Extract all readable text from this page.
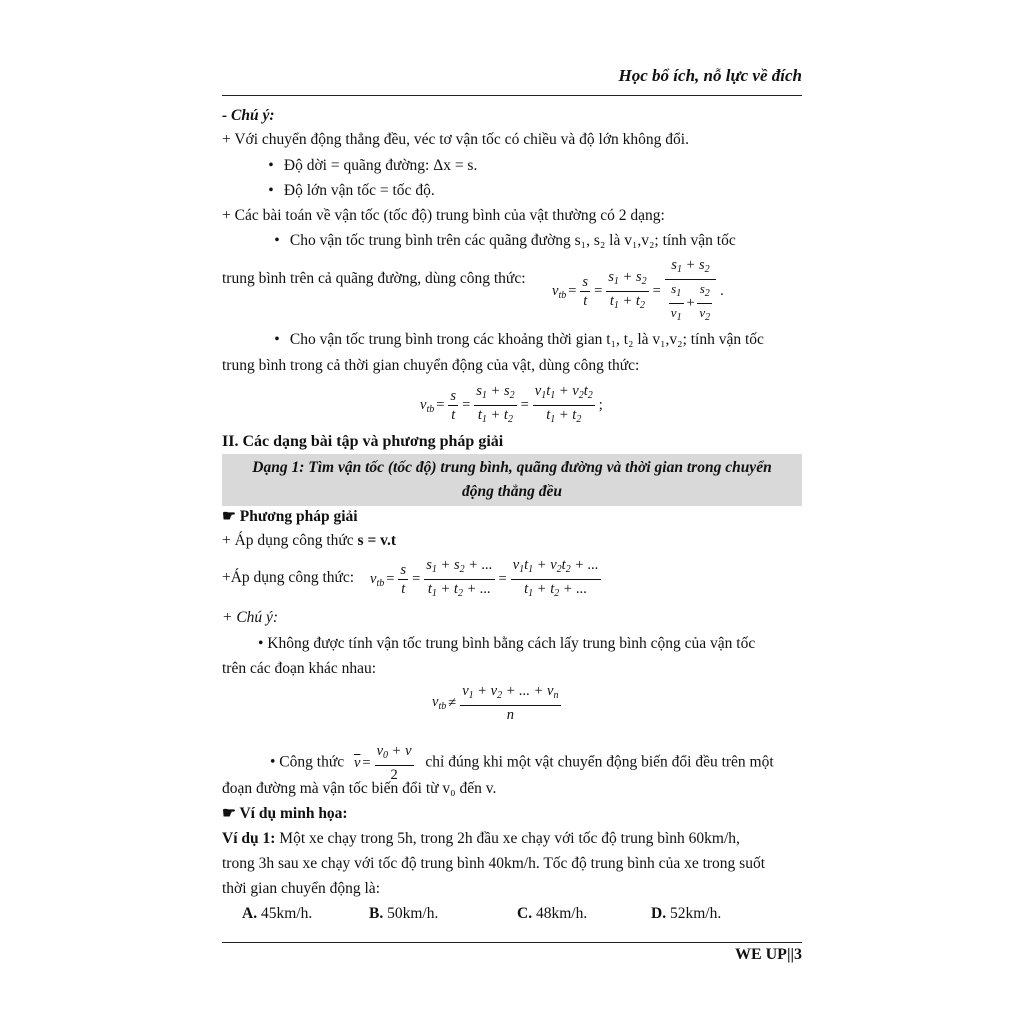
Học bổ ích, nỗ lực về đích
- Chú ý:
+ Với chuyển động thẳng đều, véc tơ vận tốc có chiều và độ lớn không đổi.
• Độ dời = quãng đường: Δx = s.
• Độ lớn vận tốc = tốc độ.
+ Các bài toán về vận tốc (tốc độ) trung bình của vật thường có 2 dạng:
• Cho vận tốc trung bình trên các quãng đường s₁, s₂ là v₁,v₂; tính vận tốc
trung bình trên cả quãng đường, dùng công thức:
$v_{tb} = \frac{s}{t} = \frac{s_1 + s_2}{t_1 + t_2} = \frac{s_1 + s_2}{\frac{s_1}{v_1} + \frac{s_2}{v_2}}$ .
• Cho vận tốc trung bình trong các khoảng thời gian t₁, t₂ là v₁,v₂; tính vận tốc
trung bình trong cả thời gian chuyển động của vật, dùng công thức:
$v_{tb} = \frac{s}{t} = \frac{s_1 + s_2}{t_1 + t_2} = \frac{v_1t_1 + v_2t_2}{t_1 + t_2}$ ;
II. Các dạng bài tập và phương pháp giải
Dạng 1: Tìm vận tốc (tốc độ) trung bình, quãng đường và thời gian trong chuyển
động thẳng đều
☛ Phương pháp giải
+ Áp dụng công thức s = v.t
+Áp dụng công thức: $v_{tb} = \frac{s}{t} = \frac{s_1 + s_2 + ...}{t_1 + t_2 + ...} = \frac{v_1t_1 + v_2t_2 + ...}{t_1 + t_2 + ...}$
+ Chú ý:
• Không được tính vận tốc trung bình bằng cách lấy trung bình cộng của vận tốc
trên các đoạn khác nhau:
$v_{tb} \ne \frac{v_1 + v_2 + ... + v_n}{n}$
• Công thức $\overline{v} = \frac{v_0 + v}{2}$ chỉ đúng khi một vật chuyển động biến đổi đều trên một
đoạn đường mà vận tốc biến đổi từ v₀ đến v.
☛ Ví dụ minh họa:
Ví dụ 1: Một xe chạy trong 5h, trong 2h đầu xe chạy với tốc độ trung bình 60km/h,
trong 3h sau xe chạy với tốc độ trung bình 40km/h. Tốc độ trung bình của xe trong suốt
thời gian chuyển động là:
A. 45km/h.	B. 50km/h.	C. 48km/h.	D. 52km/h.
WE UP||3
